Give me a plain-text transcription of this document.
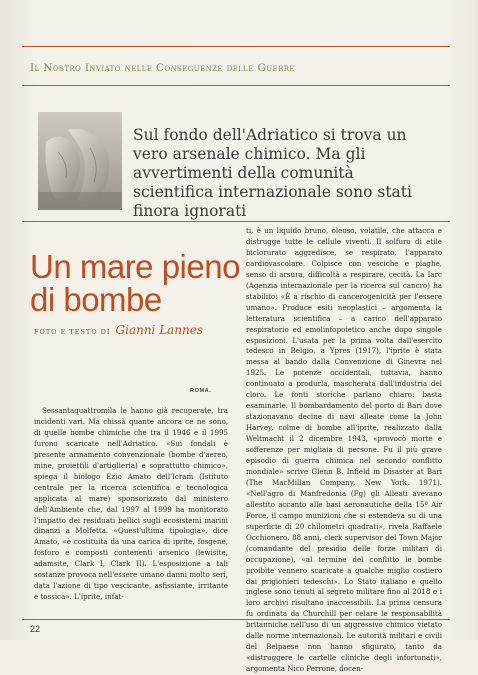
Il Nostro Inviato nelle Conseguenze delle Guerre
Sul fondo dell'Adriatico si trova un vero arsenale chimico. Ma gli avvertimenti della comunità scientifica internazionale sono stati finora ignorati
Un mare pieno di bombe
FOTO E TESTO DI Gianni Lannes
ROMA.
Sessantaquattromila le hanno già recuperate, tra incidenti vari. Ma chissà quante ancora ce ne sono, di quelle bombe chimiche che tra il 1946 e il 1995 furono scaricate nell'Adriatico. «Sui fondali è presente armamento convenzionale (bombe d'aereo, mine, proiettili d'artiglieria) e soprattutto chimico», spiega il biologo Ezio Amato dell'Icram (Istituto centrale per la ricerca scientifica e tecnologica applicata al mare) sponsorizzato dal ministero dell'Ambiente che, dal 1997 al 1999 ha monitorato l'impatto dei residuati bellici sugli ecosistemi marini dinanzi a Molfetta. «Quest'ultima tipologia», dice Amato, «è costituita da una carica di iprite, fosgene, fosforo e composti contenenti arsenico (lewisite, adamsite, Clark I, Clark II). L'esposizione a tali sostanze provoca nell'essere umano danni molto seri, data l'azione di tipo vescicante, asfissiante, irritante e tossica». L'iprite, infat-
ti, è un liquido bruno, oleoso, volatile, che attacca e distrugge tutte le cellule viventi. Il solfuro di etile biclorurato aggredisce, se respirato, l'apparato cardiovascolare. Colpisce con vesciche e piaghe, senso di arsura, difficoltà a respirare, cecità. La Iarc (Agenzia internazionale per la ricerca sul cancro) ha stabilito: «È a rischio di cancerogenicità per l'essere umano». Produce esiti neoplastici – argomenta la letteratura scientifica – a carico dell'apparato respiratorio ed emolinfopoietico anche dopo singole esposizioni. L'usata per la prima volta dall'esercito tedesco in Belgio, a Ypres (1917), l'iprite è stata messa al bando dalla Convenzione di Ginevra nel 1925. Le potenze occidentali, tuttavia, hanno continuato a produrla, mascherata dall'industria del cloro. Le fonti storiche parlano chiaro: basta esaminarle. Il bombardamento del porto di Bari dove stazionavano decine di navi alleate come la John Harvey, colme di bombe all'iprite, realizzato dalla Weltmacht il 2 dicembre 1943, «provocò morte e sofferenze per migliaia di persone. Fu il più grave episodio di guerra chimica nel secondo conflitto mondiale» scrive Glenn B. Infield in Disaster at Bari (The MacMillan Company, New York, 1971). «Nell'agro di Manfredonia (Fg) gli Alleati avevano allestito accanto alle basi aeronautiche della 15ª Air Force, il campo munizioni che si estendeva su di una superficie di 20 chilometri quadrati», rivela Raffaele Occhionero, 88 anni, clerk supervisor del Town Major (comandante del presidio delle forze militari di occupazione), «al termine del conflitto le bombe proibite vennero scaricate a qualche miglio costiero dai prigionieri tedeschi». Lo Stato italiano e quello inglese sono tenuti al segreto militare fino al 2018 e i loro archivi risultano inaccessibili. La prima censura fu ordinata da Churchill per celare le responsabilità britanniche nell'uso di un aggressivo chimico vietato dalle norme internazionali. Le autorità militari e civili del Belpaese non hanno sfigurato, tanto da «distruggere le cartelle cliniche degli infortunati», argomenta Nico Perrone, docen-
22
